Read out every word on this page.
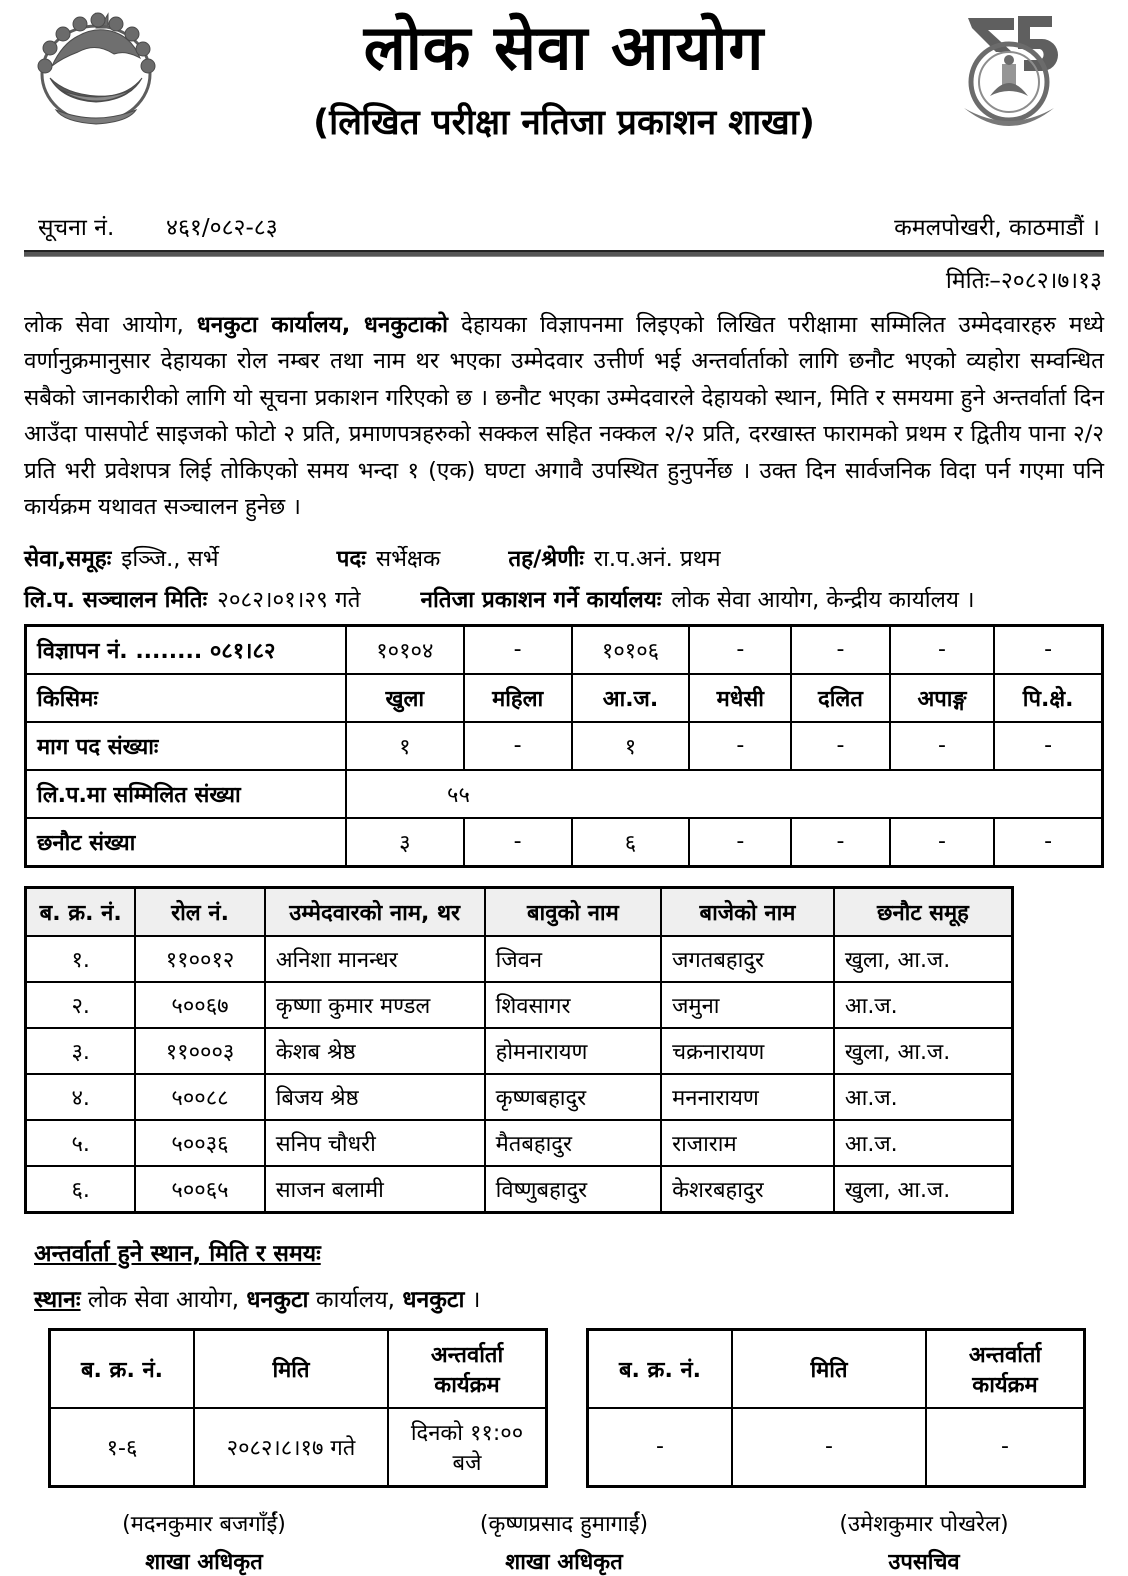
लोक सेवा आयोग
(लिखित परीक्षा नतिजा प्रकाशन शाखा)
सूचना नं.	४६१/०८२-८३	कमलपोखरी, काठमाडौं ।
मितिः–२०८२।७।१३
लोक सेवा आयोग, धनकुटा कार्यालय, धनकुटाको देहायका विज्ञापनमा लिइएको लिखित परीक्षामा सम्मिलित उम्मेदवारहरु मध्ये वर्णानुक्रमानुसार देहायका रोल नम्बर तथा नाम थर भएका उम्मेदवार उत्तीर्ण भई अन्तर्वार्ताको लागि छनौट भएको व्यहोरा सम्वन्धित सबैको जानकारीको लागि यो सूचना प्रकाशन गरिएको छ । छनौट भएका उम्मेदवारले देहायको स्थान, मिति र समयमा हुने अन्तर्वार्ता दिन आउँदा पासपोर्ट साइजको फोटो २ प्रति, प्रमाणपत्रहरुको सक्कल सहित नक्कल २/२ प्रति, दरखास्त फारामको प्रथम र द्वितीय पाना २/२ प्रति भरी प्रवेशपत्र लिई तोकिएको समय भन्दा १ (एक) घण्टा अगावै उपस्थित हुनुपर्नेछ । उक्त दिन सार्वजनिक विदा पर्न गएमा पनि कार्यक्रम यथावत सञ्चालन हुनेछ ।
सेवा,समूहः इञ्जि., सर्भे	पदः सर्भेक्षक	तह/श्रेणीः रा.प.अनं. प्रथम
लि.प. सञ्चालन मितिः २०८२।०१।२९ गते	नतिजा प्रकाशन गर्ने कार्यालयः लोक सेवा आयोग, केन्द्रीय कार्यालय ।
विज्ञापन नं. ........ ०८१।८२	१०१०४	-	१०१०६	-	-	-	-
किसिमः	खुला	महिला	आ.ज.	मधेसी	दलित	अपाङ्ग	पि.क्षे.
माग पद संख्याः	१	-	१	-	-	-	-
लि.प.मा सम्मिलित संख्या	५५						
छनौट संख्या	३	-	६	-	-	-	-
ब. क्र. नं.	रोल नं.	उम्मेदवारको नाम, थर	बावुको नाम	बाजेको नाम	छनौट समूह
१.	११००१२	अनिशा मानन्धर	जिवन	जगतबहादुर	खुला, आ.ज.
२.	५००६७	कृष्णा कुमार मण्डल	शिवसागर	जमुना	आ.ज.
३.	११०००३	केशब श्रेष्ठ	होमनारायण	चक्रनारायण	खुला, आ.ज.
४.	५००८८	बिजय श्रेष्ठ	कृष्णबहादुर	मननारायण	आ.ज.
५.	५००३६	सनिप चौधरी	मैतबहादुर	राजाराम	आ.ज.
६.	५००६५	साजन बलामी	विष्णुबहादुर	केशरबहादुर	खुला, आ.ज.
अन्तर्वार्ता हुने स्थान, मिति र समयः
स्थानः लोक सेवा आयोग, धनकुटा कार्यालय, धनकुटा ।
ब. क्र. नं.	मिति	अन्तर्वार्ता कार्यक्रम
१-६	२०८२।८।१७ गते	दिनको ११:०० बजे
ब. क्र. नं.	मिति	अन्तर्वार्ता कार्यक्रम
-	-	-
(मदनकुमार बजगाँईं)
शाखा अधिकृत
(कृष्णप्रसाद हुमागाईं)
शाखा अधिकृत
(उमेशकुमार पोखरेल)
उपसचिव
